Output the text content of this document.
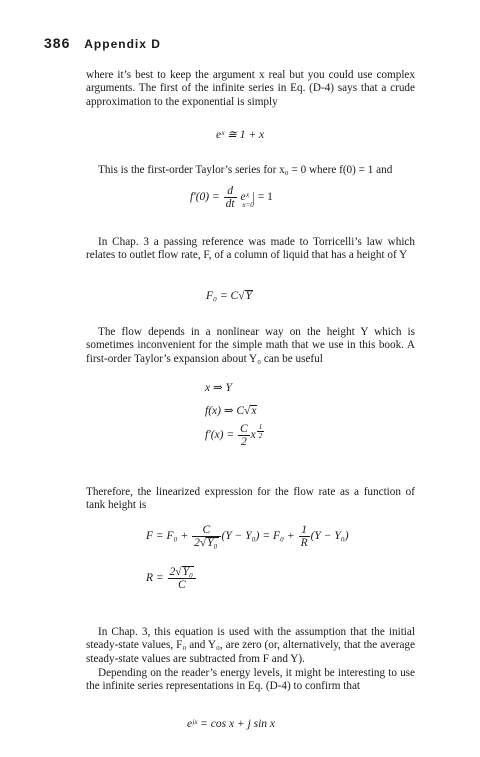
386 Appendix D

where it’s best to keep the argument x real but you could use complex arguments. The first of the infinite series in Eq. (D-4) says that a crude approximation to the exponential is simply

eˣ ≅ 1 + x

This is the first-order Taylor’s series for x₀ = 0 where f(0) = 1 and

$f'(0) = \frac{d}{dt}$ eˣ |
x=0
= 1

In Chap. 3 a passing reference was made to Torricelli’s law which relates to outlet flow rate, F, of a column of liquid that has a height of Y

F₀ = C√Y

The flow depends in a nonlinear way on the height Y which is sometimes inconvenient for the simple math that we use in this book. A first-order Taylor’s expansion about Y₀ can be useful

x ⇒ Y
f(x) ⇒ C√x
$f'(x) = \frac{C}{2}$ x $^{\frac{1}{2}}$

Therefore, the linearized expression for the flow rate as a function of tank height is

$F = F_0 + \frac{C}{\text{2√Y₀}} (Y - Y_0) = F_0 + \frac{1}{R} (Y - Y_0)$
$R = \frac{\text{2√Y₀}}{C}$

In Chap. 3, this equation is used with the assumption that the initial steady-state values, F₀ and Y₀, are zero (or, alternatively, that the average steady-state values are subtracted from F and Y).

Depending on the reader’s energy levels, it might be interesting to use the infinite series representations in Eq. (D-4) to confirm that

eʲˣ = cos x + j sin x
